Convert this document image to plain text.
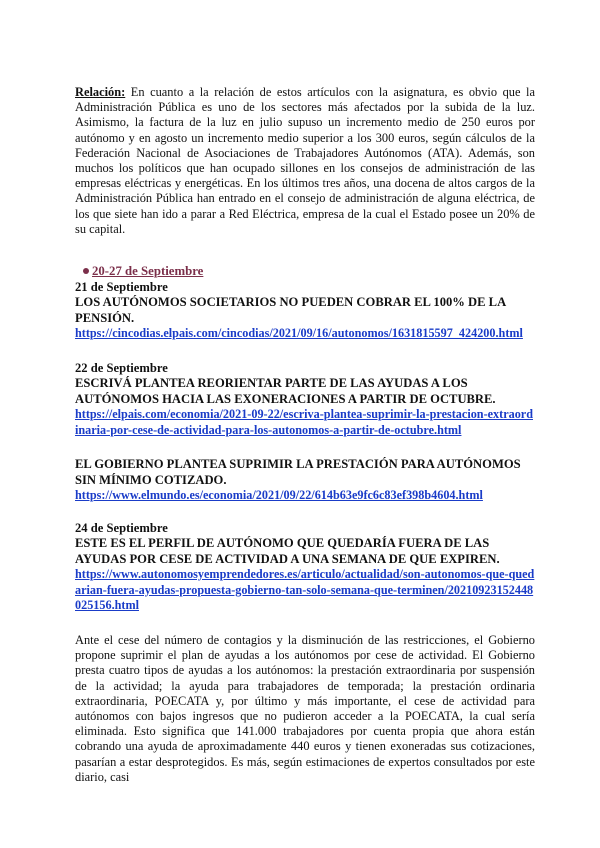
Relación: En cuanto a la relación de estos artículos con la asignatura, es obvio que la Administración Pública es uno de los sectores más afectados por la subida de la luz. Asimismo, la factura de la luz en julio supuso un incremento medio de 250 euros por autónomo y en agosto un incremento medio superior a los 300 euros, según cálculos de la Federación Nacional de Asociaciones de Trabajadores Autónomos (ATA). Además, son muchos los políticos que han ocupado sillones en los consejos de administración de las empresas eléctricas y energéticas. En los últimos tres años, una docena de altos cargos de la Administración Pública han entrado en el consejo de administración de alguna eléctrica, de los que siete han ido a parar a Red Eléctrica, empresa de la cual el Estado posee un 20% de su capital.

20-27 de Septiembre
21 de Septiembre
LOS AUTÓNOMOS SOCIETARIOS NO PUEDEN COBRAR EL 100% DE LA PENSIÓN.
https://cincodias.elpais.com/cincodias/2021/09/16/autonomos/1631815597_424200.html
22 de Septiembre
ESCRIVÁ PLANTEA REORIENTAR PARTE DE LAS AYUDAS A LOS AUTÓNOMOS HACIA LAS EXONERACIONES A PARTIR DE OCTUBRE.
https://elpais.com/economia/2021-09-22/escriva-plantea-suprimir-la-prestacion-extraordinaria-por-cese-de-actividad-para-los-autonomos-a-partir-de-octubre.html
EL GOBIERNO PLANTEA SUPRIMIR LA PRESTACIÓN PARA AUTÓNOMOS SIN MÍNIMO COTIZADO.
https://www.elmundo.es/economia/2021/09/22/614b63e9fc6c83ef398b4604.html
24 de Septiembre
ESTE ES EL PERFIL DE AUTÓNOMO QUE QUEDARÍA FUERA DE LAS AYUDAS POR CESE DE ACTIVIDAD A UNA SEMANA DE QUE EXPIREN.
https://www.autonomosyemprendedores.es/articulo/actualidad/son-autonomos-que-quedarian-fuera-ayudas-propuesta-gobierno-tan-solo-semana-que-terminen/20210923152448025156.html

Ante el cese del número de contagios y la disminución de las restricciones, el Gobierno propone suprimir el plan de ayudas a los autónomos por cese de actividad. El Gobierno presta cuatro tipos de ayudas a los autónomos: la prestación extraordinaria por suspensión de la actividad; la ayuda para trabajadores de temporada; la prestación ordinaria extraordinaria, POECATA y, por último y más importante, el cese de actividad para autónomos con bajos ingresos que no pudieron acceder a la POECATA, la cual sería eliminada. Esto significa que 141.000 trabajadores por cuenta propia que ahora están cobrando una ayuda de aproximadamente 440 euros y tienen exoneradas sus cotizaciones, pasarían a estar desprotegidos. Es más, según estimaciones de expertos consultados por este diario, casi
